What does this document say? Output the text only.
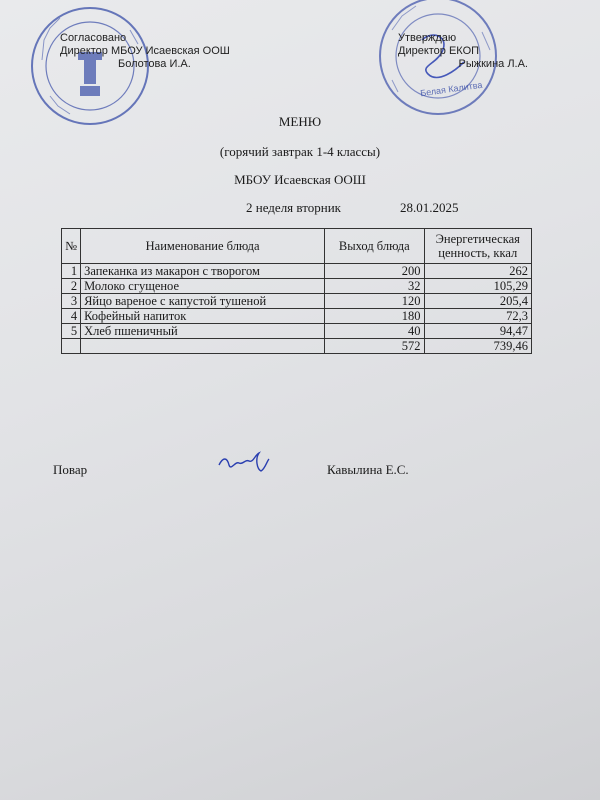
Белая Калитва
Согласовано
Директор МБОУ Исаевская ООШ
Болотова И.А.
Утверждаю
Директор ЕКОП
Рыжкина Л.А.
МЕНЮ
(горячий завтрак 1-4 классы)
МБОУ Исаевская ООШ
2 неделя вторник	28.01.2025
№	Наименование блюда	Выход блюда	Энергетическая
ценность, ккал

1	Запеканка из макарон с творогом	200	262
2	Молоко сгущеное	32	105,29
3	Яйцо вареное с капустой тушеной	120	205,4
4	Кофейный напиток	180	72,3
5	Хлеб пшеничный	40	94,47
		572	739,46
Повар	Кавылина Е.С.
